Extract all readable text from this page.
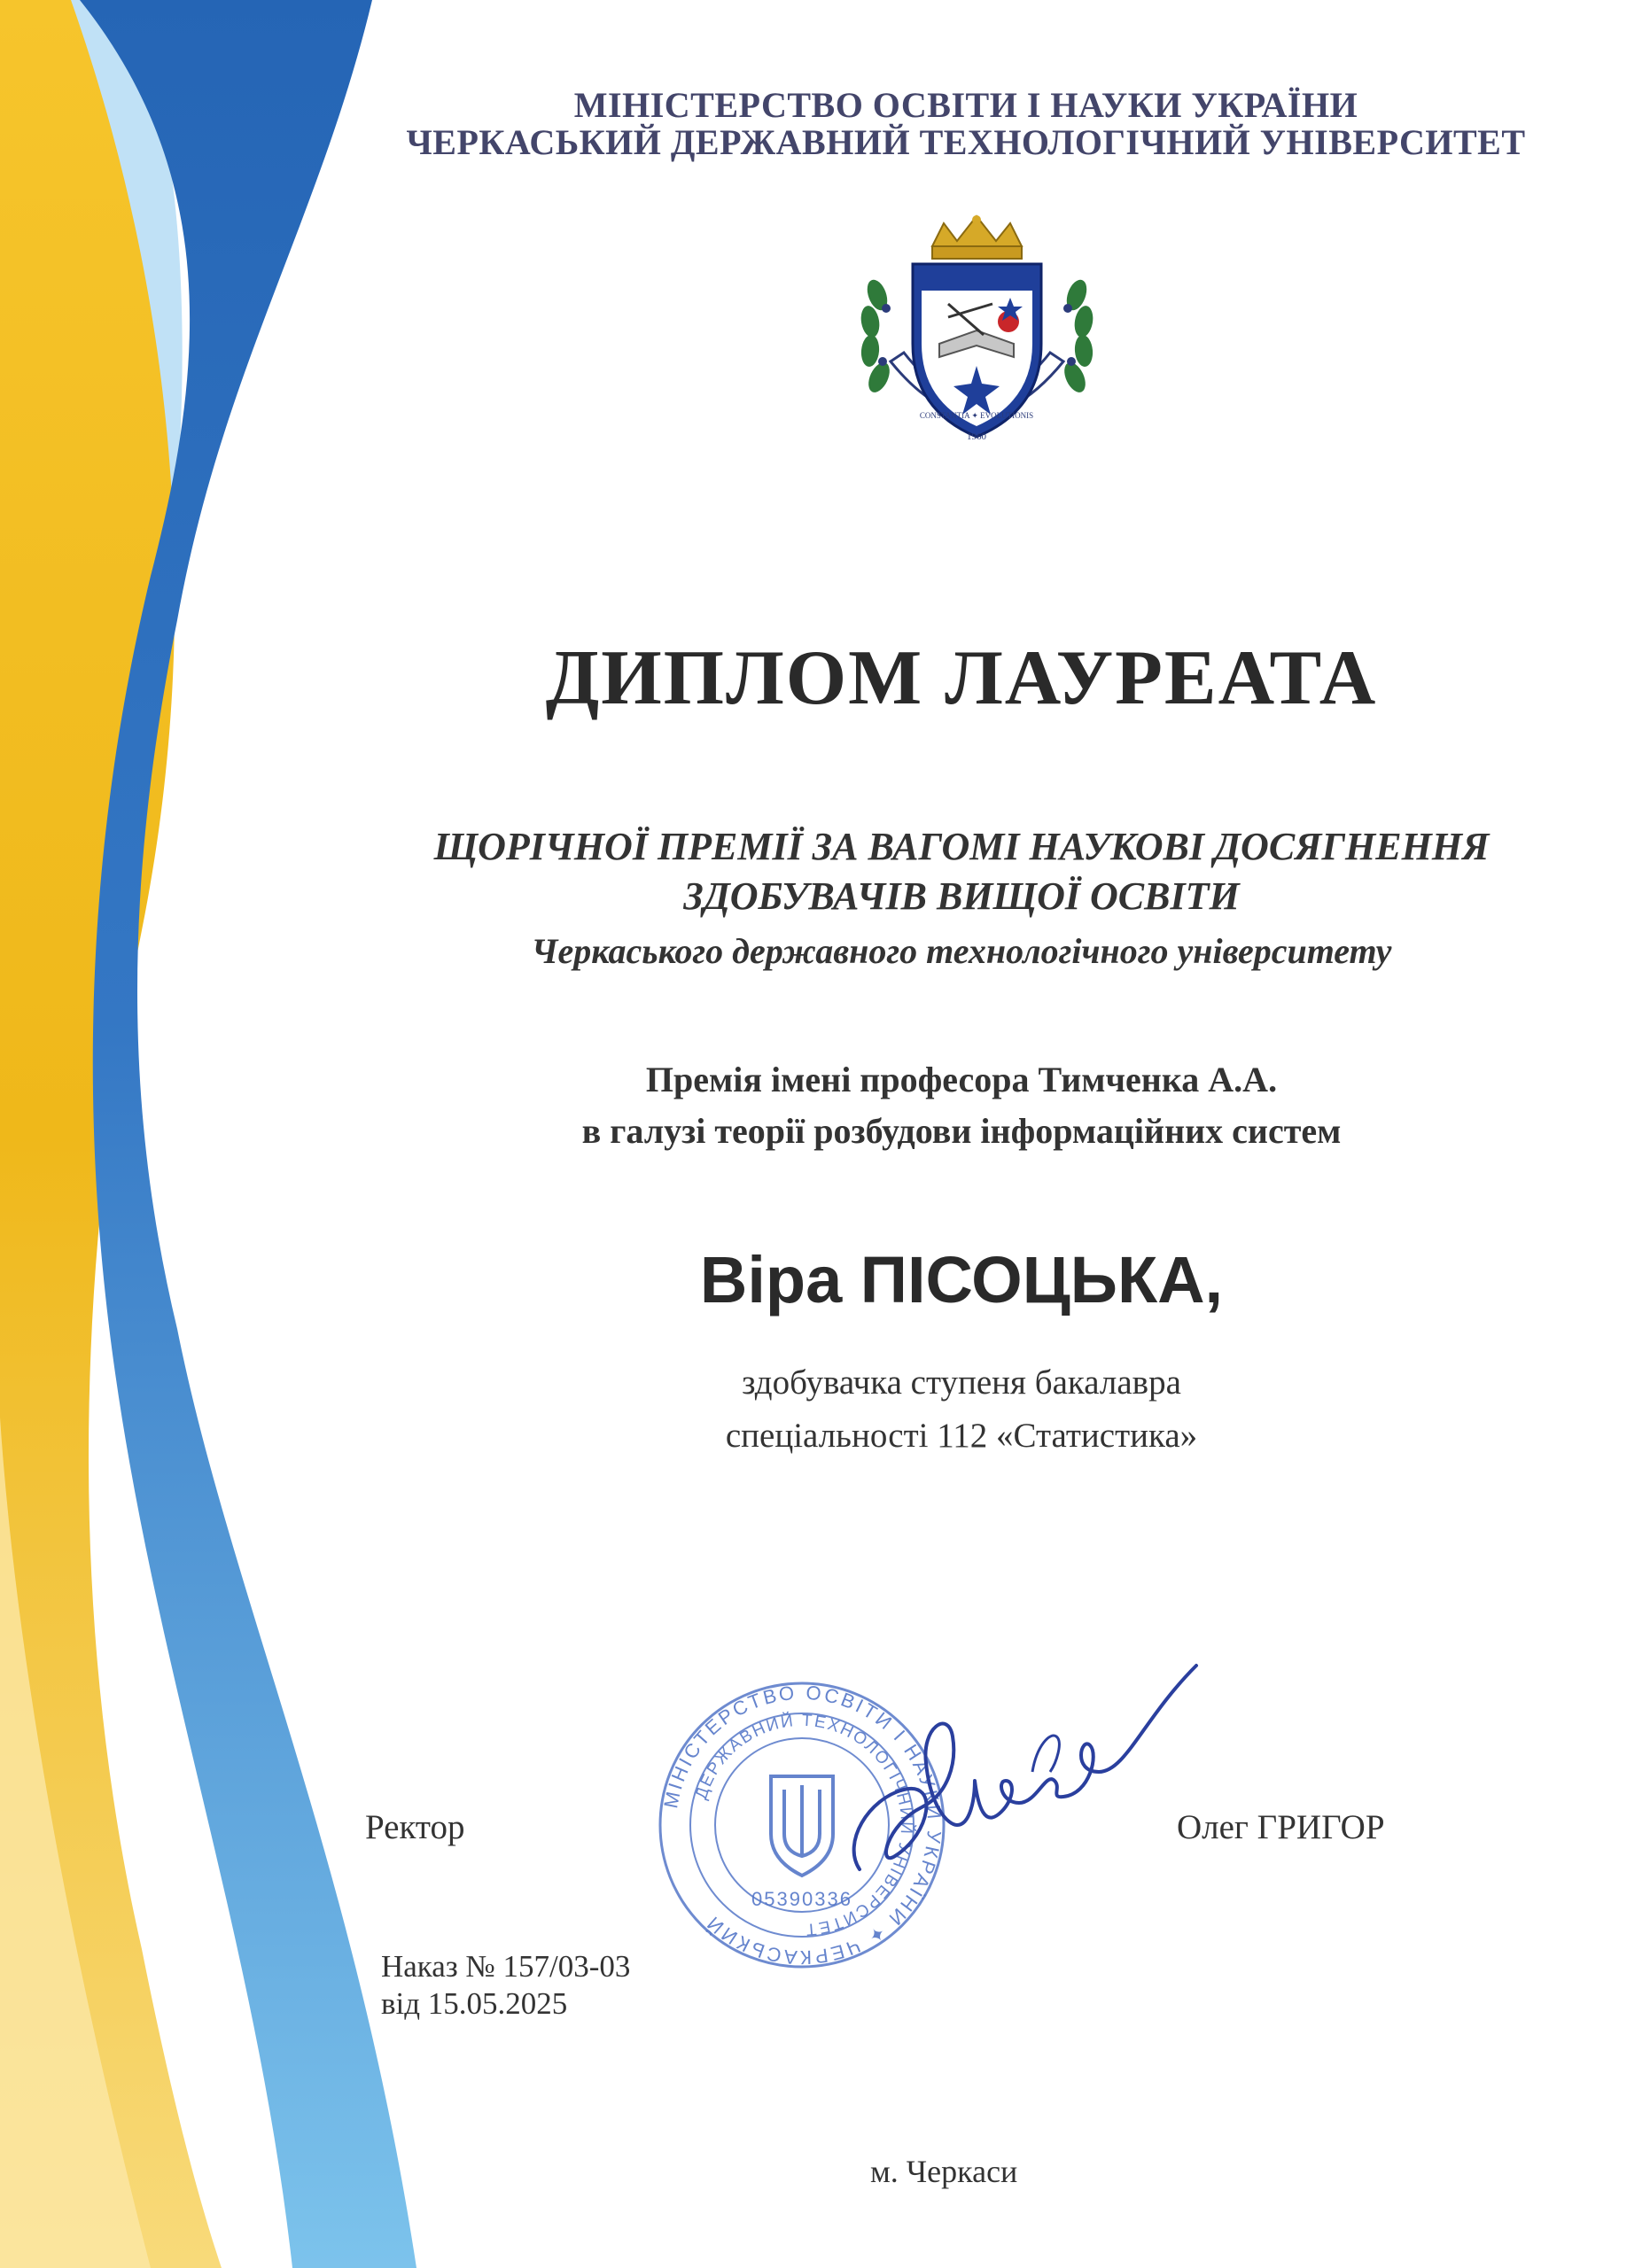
МІНІСТЕРСТВО ОСВІТИ І НАУКИ УКРАЇНИ
ЧЕРКАСЬКИЙ ДЕРЖАВНИЙ ТЕХНОЛОГІЧНИЙ УНІВЕРСИТЕТ
1960
CONSTANTIA ✦ EVOLUTIONIS
ДИПЛОМ ЛАУРЕАТА
ЩОРІЧНОЇ ПРЕМІЇ ЗА ВАГОМІ НАУКОВІ ДОСЯГНЕННЯ
ЗДОБУВАЧІВ ВИЩОЇ ОСВІТИ
Черкаського державного технологічного університету
Премія імені професора Тимченка А.А.
в галузі теорії розбудови інформаційних систем
Віра ПІСОЦЬКА,
здобувачка ступеня бакалавра
спеціальності 112 «Статистика»
Ректор	Олег ГРИГОР
МІНІСТЕРСТВО ОСВІТИ І НАУКИ УКРАЇНИ ✦ ЧЕРКАСЬКИЙ
ДЕРЖАВНИЙ ТЕХНОЛОГІЧНИЙ УНІВЕРСИТЕТ
05390336
Наказ № 157/03-03
від 15.05.2025
м. Черкаси
